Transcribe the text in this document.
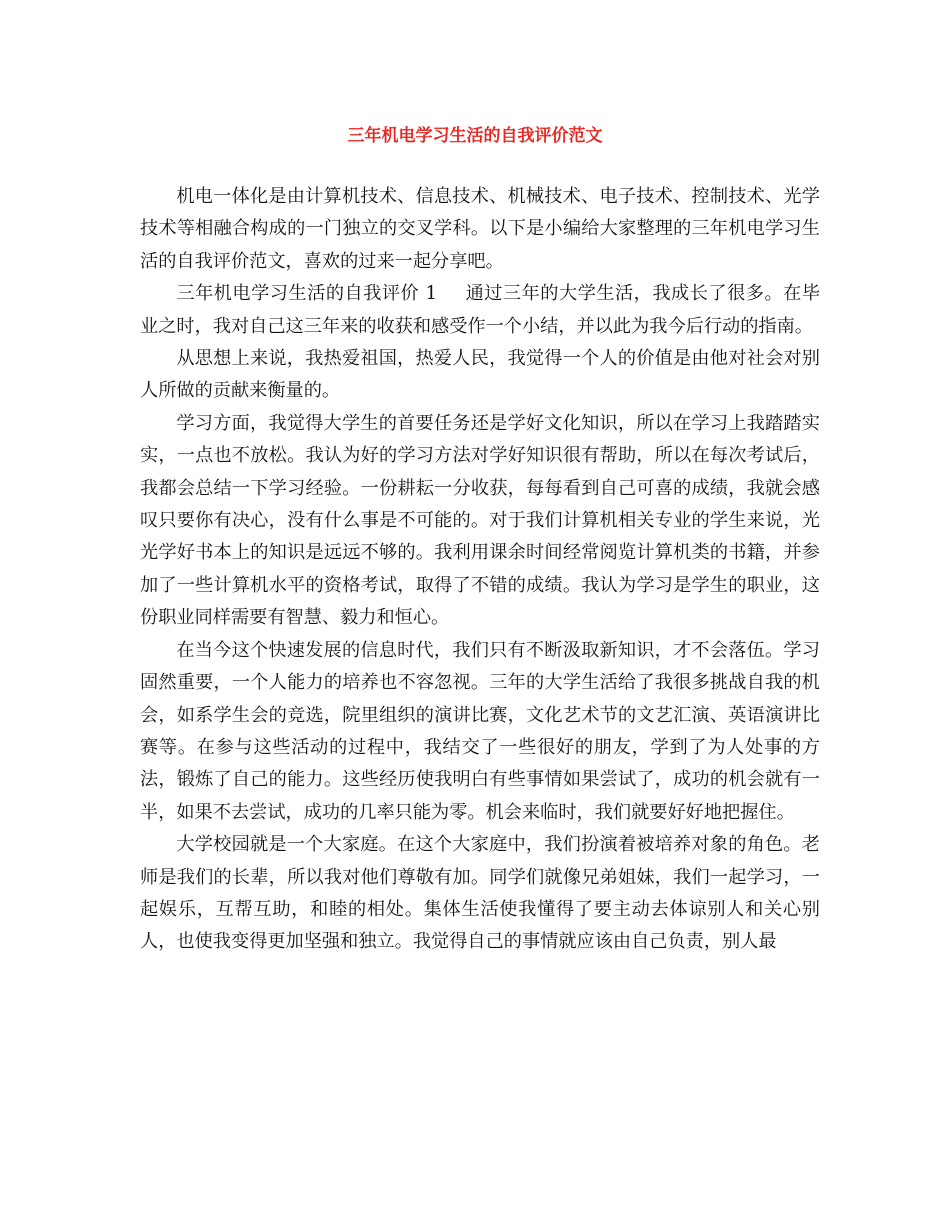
三年机电学习生活的自我评价范文

机电一体化是由计算机技术、信息技术、机械技术、电子技术、控制技术、光学技术等相融合构成的一门独立的交叉学科。以下是小编给大家整理的三年机电学习生活的自我评价范文，喜欢的过来一起分享吧。

三年机电学习生活的自我评价 1 通过三年的大学生活，我成长了很多。在毕业之时，我对自己这三年来的收获和感受作一个小结，并以此为我今后行动的指南。

从思想上来说，我热爱祖国，热爱人民，我觉得一个人的价值是由他对社会对别人所做的贡献来衡量的。

学习方面，我觉得大学生的首要任务还是学好文化知识，所以在学习上我踏踏实实，一点也不放松。我认为好的学习方法对学好知识很有帮助，所以在每次考试后，我都会总结一下学习经验。一份耕耘一分收获，每每看到自己可喜的成绩，我就会感叹只要你有决心，没有什么事是不可能的。对于我们计算机相关专业的学生来说，光光学好书本上的知识是远远不够的。我利用课余时间经常阅览计算机类的书籍，并参加了一些计算机水平的资格考试，取得了不错的成绩。我认为学习是学生的职业，这份职业同样需要有智慧、毅力和恒心。

在当今这个快速发展的信息时代，我们只有不断汲取新知识，才不会落伍。学习固然重要，一个人能力的培养也不容忽视。三年的大学生活给了我很多挑战自我的机会，如系学生会的竞选，院里组织的演讲比赛，文化艺术节的文艺汇演、英语演讲比赛等。在参与这些活动的过程中，我结交了一些很好的朋友，学到了为人处事的方法，锻炼了自己的能力。这些经历使我明白有些事情如果尝试了，成功的机会就有一半，如果不去尝试，成功的几率只能为零。机会来临时，我们就要好好地把握住。

大学校园就是一个大家庭。在这个大家庭中，我们扮演着被培养对象的角色。老师是我们的长辈，所以我对他们尊敬有加。同学们就像兄弟姐妹，我们一起学习，一起娱乐，互帮互助，和睦的相处。集体生活使我懂得了要主动去体谅别人和关心别人，也使我变得更加坚强和独立。我觉得自己的事情就应该由自己负责，别人最
